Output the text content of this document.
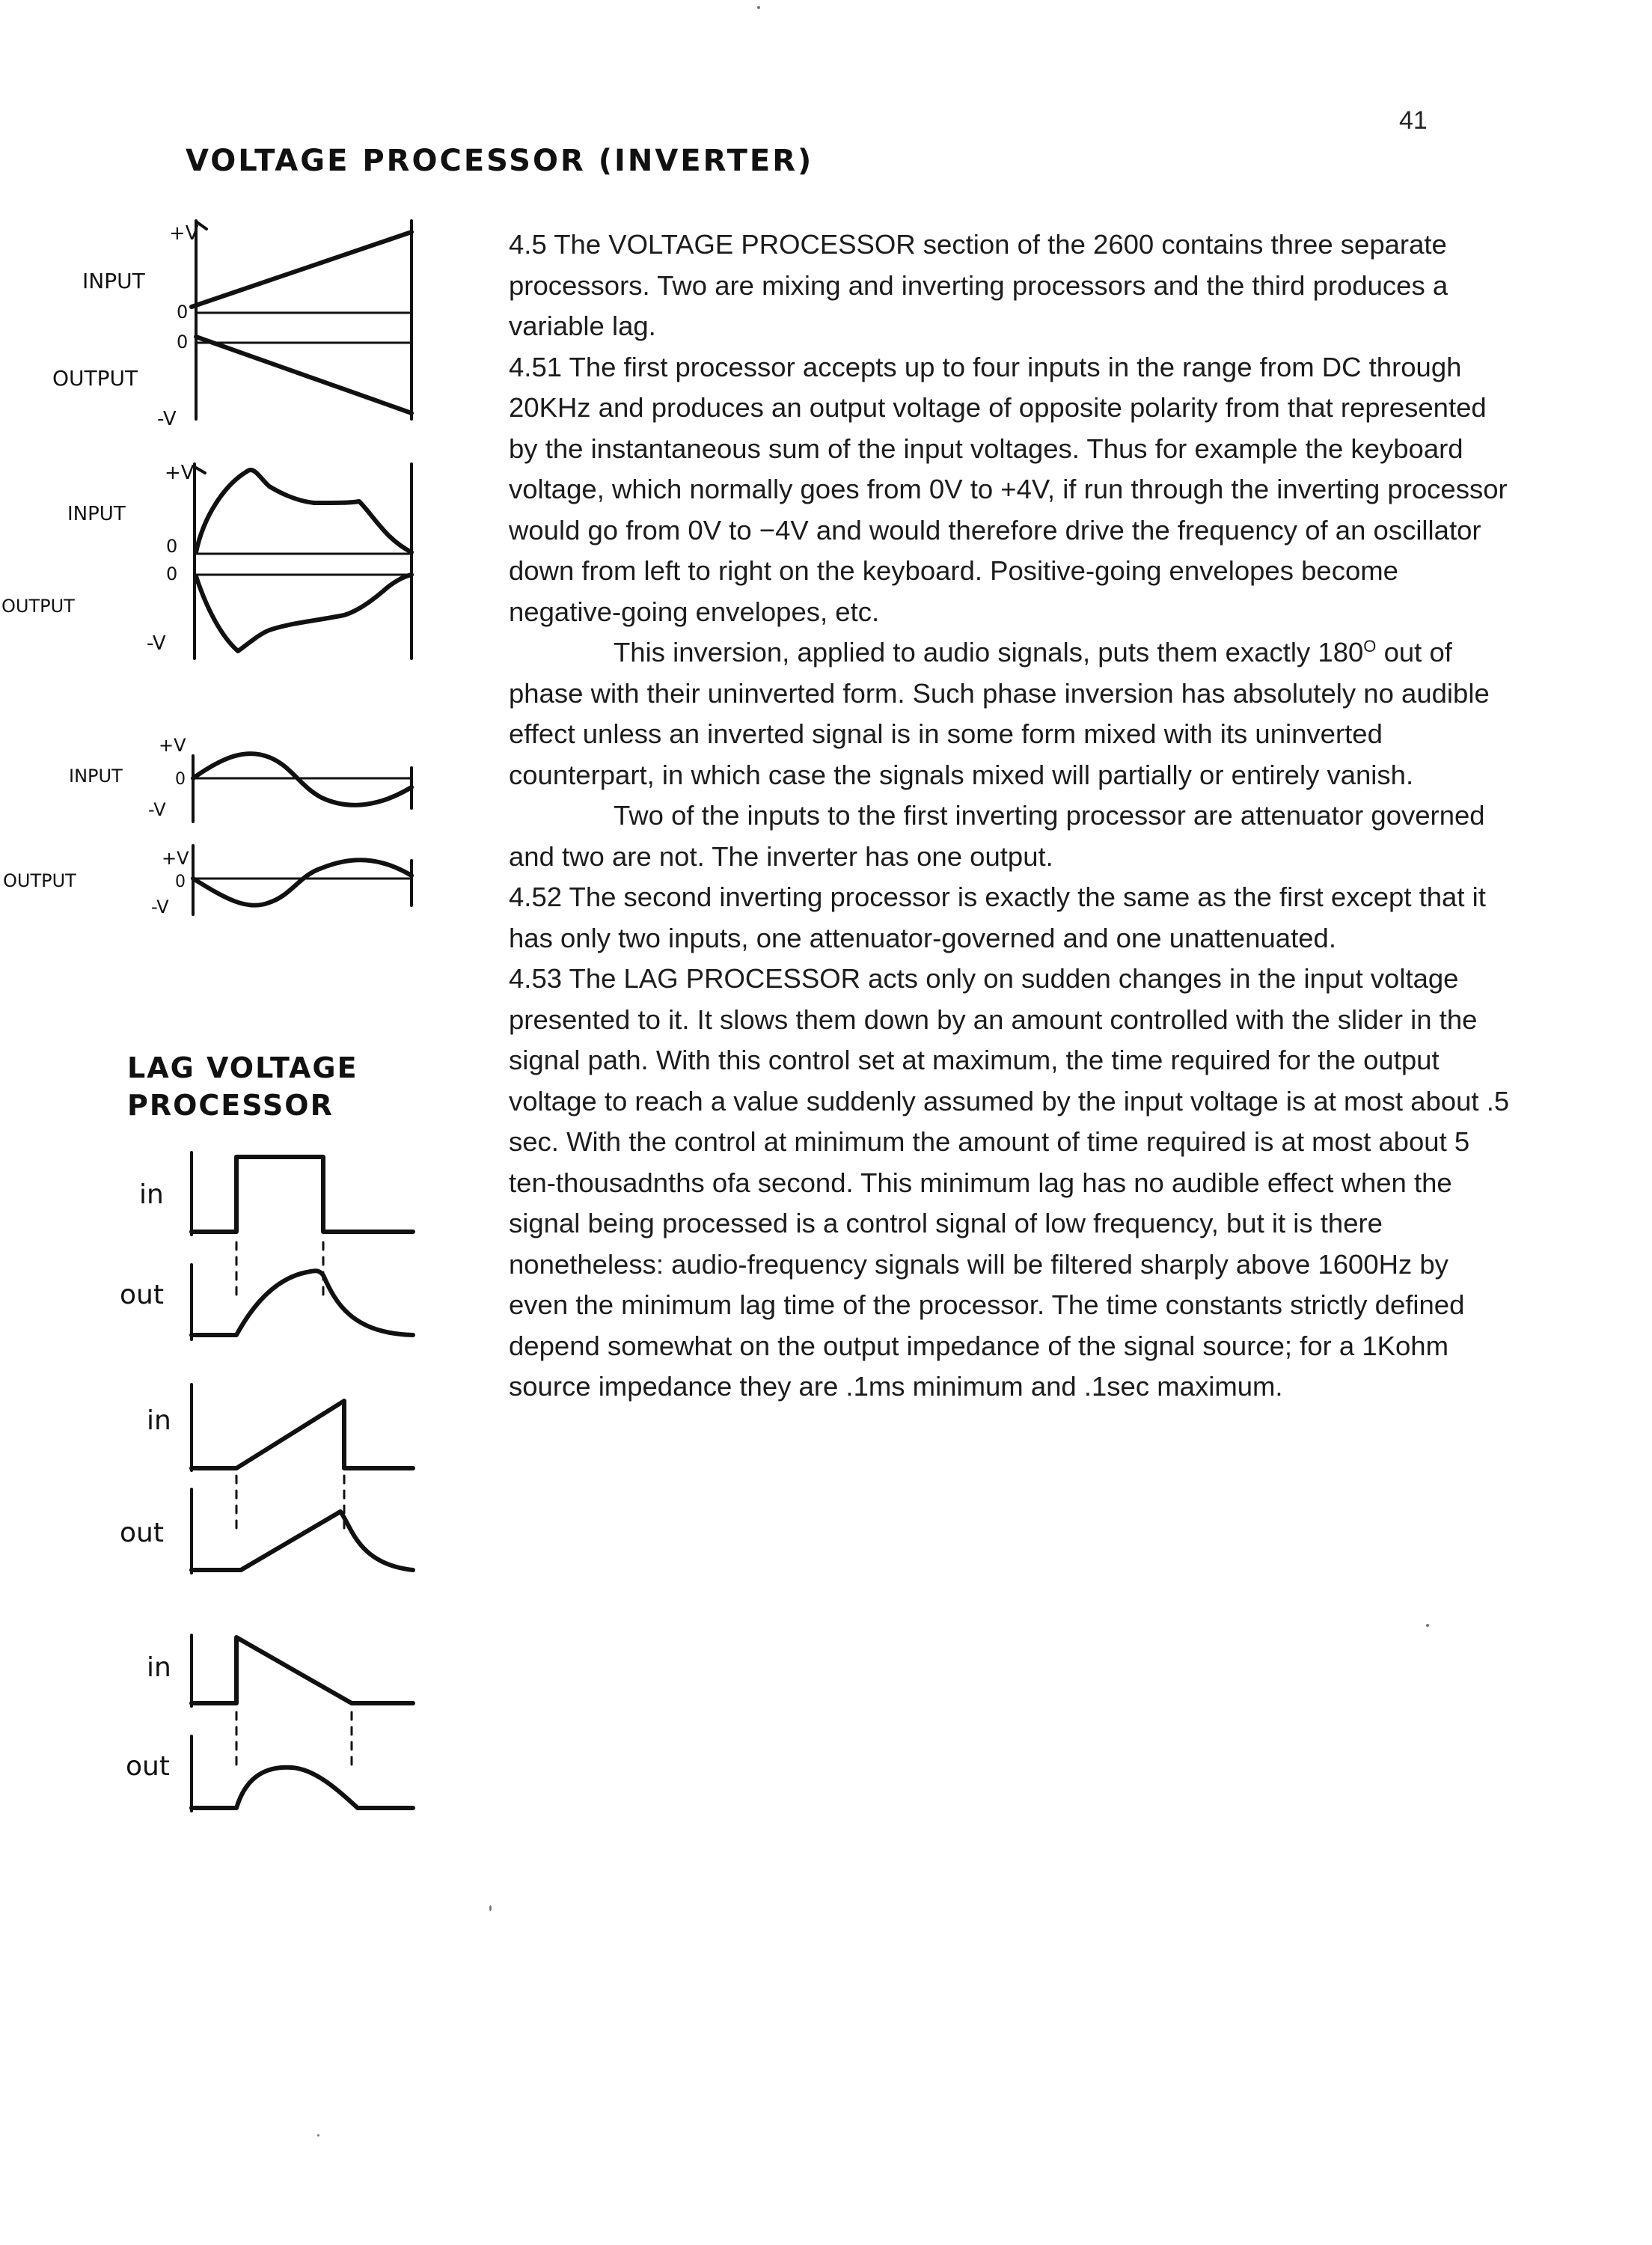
41
VOLTAGE PROCESSOR (INVERTER)
LAG VOLTAGE
PROCESSOR
+V
INPUT
0
0
OUTPUT
-V
+V
INPUT
0
0
OUTPUT
-V
+V
INPUT	0
-V
+V
OUTPUT	0
-V
in
out
in
out
in
out

4.5 The VOLTAGE PROCESSOR section of the 2600 contains three separate processors. Two are mixing and inverting processors and the third produces a variable lag.

4.51 The first processor accepts up to four inputs in the range from DC through 20KHz and produces an output voltage of opposite polarity from that represented by the instantaneous sum of the input voltages. Thus for example the keyboard voltage, which normally goes from 0V to +4V, if run through the inverting processor would go from 0V to −4V and would therefore drive the frequency of an oscillator down from left to right on the keyboard. Positive-going envelopes become negative-going envelopes, etc.

This inversion, applied to audio signals, puts them exactly $180^O$ out of phase with their uninverted form. Such phase inversion has absolutely no audible effect unless an inverted signal is in some form mixed with its uninverted counterpart, in which case the signals mixed will partially or entirely vanish.

Two of the inputs to the first inverting processor are attenuator governed and two are not. The inverter has one output.

4.52 The second inverting processor is exactly the same as the first except that it has only two inputs, one attenuator-governed and one unattenuated.

4.53 The LAG PROCESSOR acts only on sudden changes in the input voltage presented to it. It slows them down by an amount controlled with the slider in the signal path. With this control set at maximum, the time required for the output voltage to reach a value suddenly assumed by the input voltage is at most about .5 sec. With the control at minimum the amount of time required is at most about 5 ten-thousadnths ofa second. This minimum lag has no audible effect when the signal being processed is a control signal of low frequency, but it is there nonetheless: audio-frequency signals will be filtered sharply above 1600Hz by even the minimum lag time of the processor. The time constants strictly defined depend somewhat on the output impedance of the signal source; for a 1Kohm source impedance they are .1ms minimum and .1sec maximum.
